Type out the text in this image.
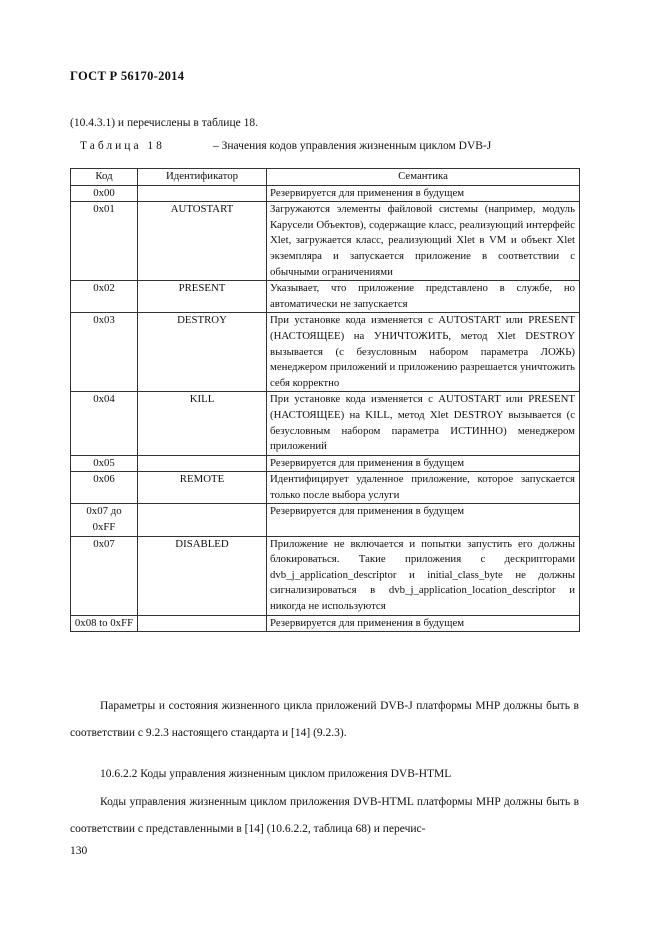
ГОСТ Р 56170-2014
(10.4.3.1) и перечислены в таблице 18.
Таблица 18	– Значения кодов управления жизненным циклом DVB-J
Код	Идентификатор	Семантика
0x00		Резервируется для применения в будущем
0x01	AUTOSTART	Загружаются элементы файловой системы (например, модуль Карусели Объектов), содержащие класс, реализующий интерфейс Xlet, загружается класс, реализующий Xlet в VM и объект Xlet экземпляра и запускается приложение в соответствии с обычными ограничениями
0x02	PRESENT	Указывает, что приложение представлено в службе, но автоматически не запускается
0x03	DESTROY	При установке кода изменяется с AUTOSTART или PRESENT (НАСТОЯЩЕЕ) на УНИЧТОЖИТЬ, метод Xlet DESTROY вызывается (с безусловным набором параметра ЛОЖЬ) менеджером приложений и приложению разрешается уничтожить себя корректно
0x04	KILL	При установке кода изменяется с AUTOSTART или PRESENT (НАСТОЯЩЕЕ) на KILL, метод Xlet DESTROY вызывается (с безусловным набором параметра ИСТИННО) менеджером приложений
0x05		Резервируется для применения в будущем
0x06	REMOTE	Идентифицирует удаленное приложение, которое запускается только после выбора услуги
0x07 до 0xFF		Резервируется для применения в будущем
0x07	DISABLED	Приложение не включается и попытки запустить его должны блокироваться. Такие приложения с дескрипторами dvb_j_application_descriptor и initial_class_byte не должны сигнализироваться в dvb_j_application_location_descriptor и никогда не используются
0x08 to 0xFF		Резервируется для применения в будущем
Параметры и состояния жизненного цикла приложений DVB-J платформы MHP должны быть в соответствии с 9.2.3 настоящего стандарта и [14] (9.2.3).
10.6.2.2 Коды управления жизненным циклом приложения DVB-HTML
Коды управления жизненным циклом приложения DVB-HTML платформы MHP должны быть в соответствии с представленными в [14] (10.6.2.2, таблица 68) и перечис-
130
